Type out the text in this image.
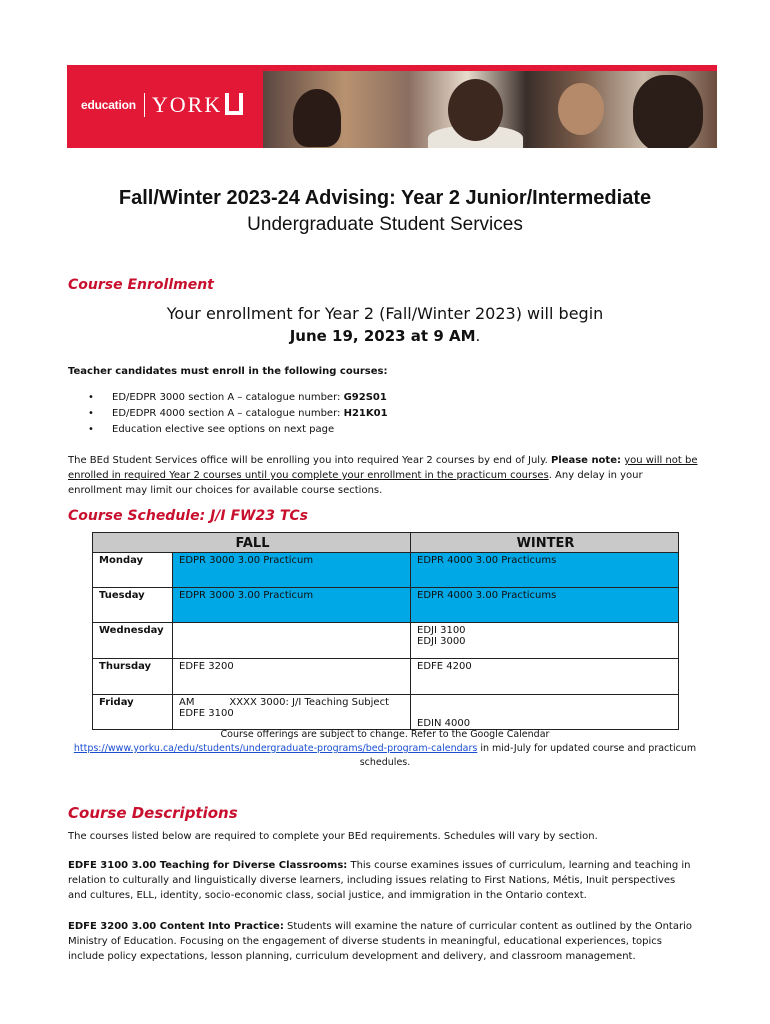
education YORK
Fall/Winter 2023-24 Advising: Year 2 Junior/Intermediate
Undergraduate Student Services
Course Enrollment
Your enrollment for Year 2 (Fall/Winter 2023) will begin
June 19, 2023 at 9 AM.
Teacher candidates must enroll in the following courses:
• ED/EDPR 3000 section A – catalogue number: G92S01
• ED/EDPR 4000 section A – catalogue number: H21K01
• Education elective see options on next page
The BEd Student Services office will be enrolling you into required Year 2 courses by end of July. Please note: you will not be
enrolled in required Year 2 courses until you complete your enrollment in the practicum courses. Any delay in your
enrollment may limit our choices for available course sections.
Course Schedule: J/I FW23 TCs
FALL		WINTER
Monday	EDPR 3000 3.00 Practicum	EDPR 4000 3.00 Practicums
Tuesday	EDPR 3000 3.00 Practicum	EDPR 4000 3.00 Practicums
Wednesday		EDJI 3100
EDJI 3000

Thursday	EDFE 3200	EDFE 4200
Friday	AM XXXX 3000: J/I Teaching Subject
EDFE 3100	EDIN 4000
Course offerings are subject to change. Refer to the Google Calendar
https://www.yorku.ca/edu/students/undergraduate-programs/bed-program-calendars in mid-July for updated course and practicum
schedules.
Course Descriptions
The courses listed below are required to complete your BEd requirements. Schedules will vary by section.
EDFE 3100 3.00 Teaching for Diverse Classrooms: This course examines issues of curriculum, learning and teaching in
relation to culturally and linguistically diverse learners, including issues relating to First Nations, Métis, Inuit perspectives
and cultures, ELL, identity, socio-economic class, social justice, and immigration in the Ontario context.
EDFE 3200 3.00 Content Into Practice: Students will examine the nature of curricular content as outlined by the Ontario
Ministry of Education. Focusing on the engagement of diverse students in meaningful, educational experiences, topics
include policy expectations, lesson planning, curriculum development and delivery, and classroom management.
